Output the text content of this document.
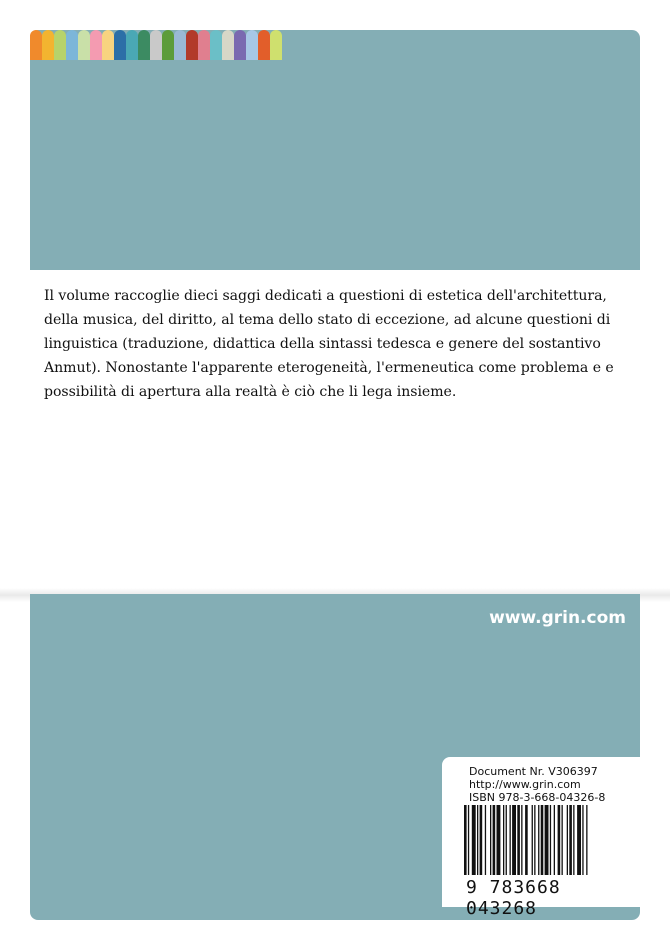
Il volume raccoglie dieci saggi dedicati a questioni di estetica dell'architettura, della musica, del diritto, al tema dello stato di eccezione, ad alcune questioni di linguistica (traduzione, didattica della sintassi tedesca e genere del sostantivo Anmut). Nonostante l'apparente eterogeneità, l'ermeneutica come problema e e possibilità di apertura alla realtà è ciò che li lega insieme.

www.grin.com
Document Nr. V306397
http://www.grin.com
ISBN 978-3-668-04326-8
9 783668 043268
